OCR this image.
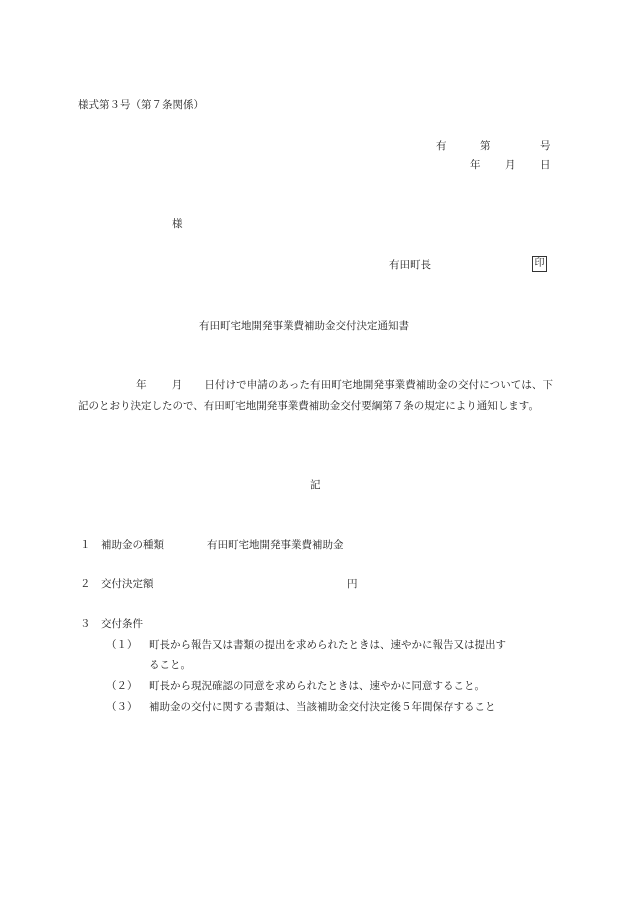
様式第３号（第７条関係）
有	第	号
年 月 日
様
有田町長	印
有田町宅地開発事業費補助金交付決定通知書
年 月 日付けで申請のあった有田町宅地開発事業費補助金の交付については、下記のとおり決定したので、有田町宅地開発事業費補助金交付要綱第７条の規定により通知します。
記
１ 補助金の種類	有田町宅地開発事業費補助金
２ 交付決定額	円
３ 交付条件
（１） 町長から報告又は書類の提出を求められたときは、速やかに報告又は提出す
ること。
（２） 町長から現況確認の同意を求められたときは、速やかに同意すること。
（３） 補助金の交付に関する書類は、当該補助金交付決定後５年間保存すること
